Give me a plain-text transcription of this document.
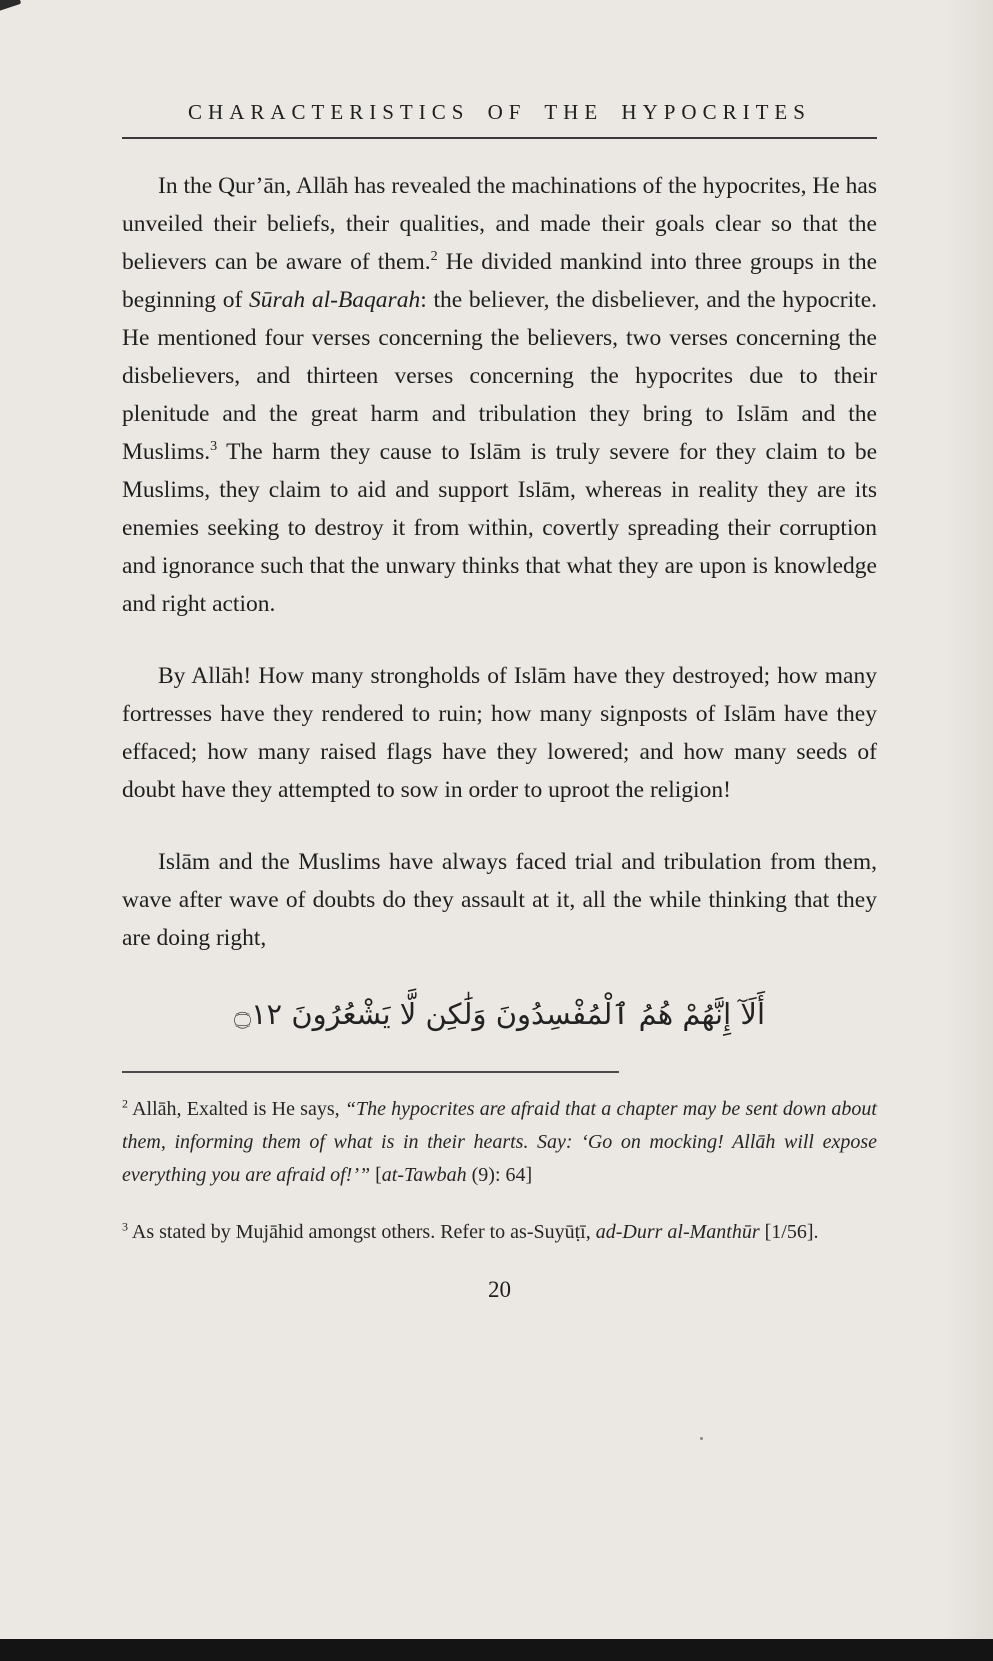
CHARACTERISTICS OF THE HYPOCRITES

In the Qur’ān, Allāh has revealed the machinations of the hypocrites, He has unveiled their beliefs, their qualities, and made their goals clear so that the believers can be aware of them.$^2$ He divided mankind into three groups in the beginning of Sūrah al-Baqarah: the believer, the disbeliever, and the hypocrite. He mentioned four verses concerning the believers, two verses concerning the disbelievers, and thirteen verses concerning the hypocrites due to their plenitude and the great harm and tribulation they bring to Islām and the Muslims.$^3$ The harm they cause to Islām is truly severe for they claim to be Muslims, they claim to aid and support Islām, whereas in reality they are its enemies seeking to destroy it from within, covertly spreading their corruption and ignorance such that the unwary thinks that what they are upon is knowledge and right action.

By Allāh! How many strongholds of Islām have they destroyed; how many fortresses have they rendered to ruin; how many signposts of Islām have they effaced; how many raised flags have they lowered; and how many seeds of doubt have they attempted to sow in order to uproot the religion!

Islām and the Muslims have always faced trial and tribulation from them, wave after wave of doubts do they assault at it, all the while thinking that they are doing right,

أَلَآ إِنَّهُمْ هُمُ ٱلْمُفْسِدُونَ وَلَٰكِن لَّا يَشْعُرُونَ ۝١٢

$^2$ Allāh, Exalted is He says, “The hypocrites are afraid that a chapter may be sent down about them, informing them of what is in their hearts. Say: ‘Go on mocking! Allāh will expose everything you are afraid of!’” [at-Tawbah (9): 64]

$^3$ As stated by Mujāhid amongst others. Refer to as-Suyūṭī, ad-Durr al-Manthūr [1/56].

20
